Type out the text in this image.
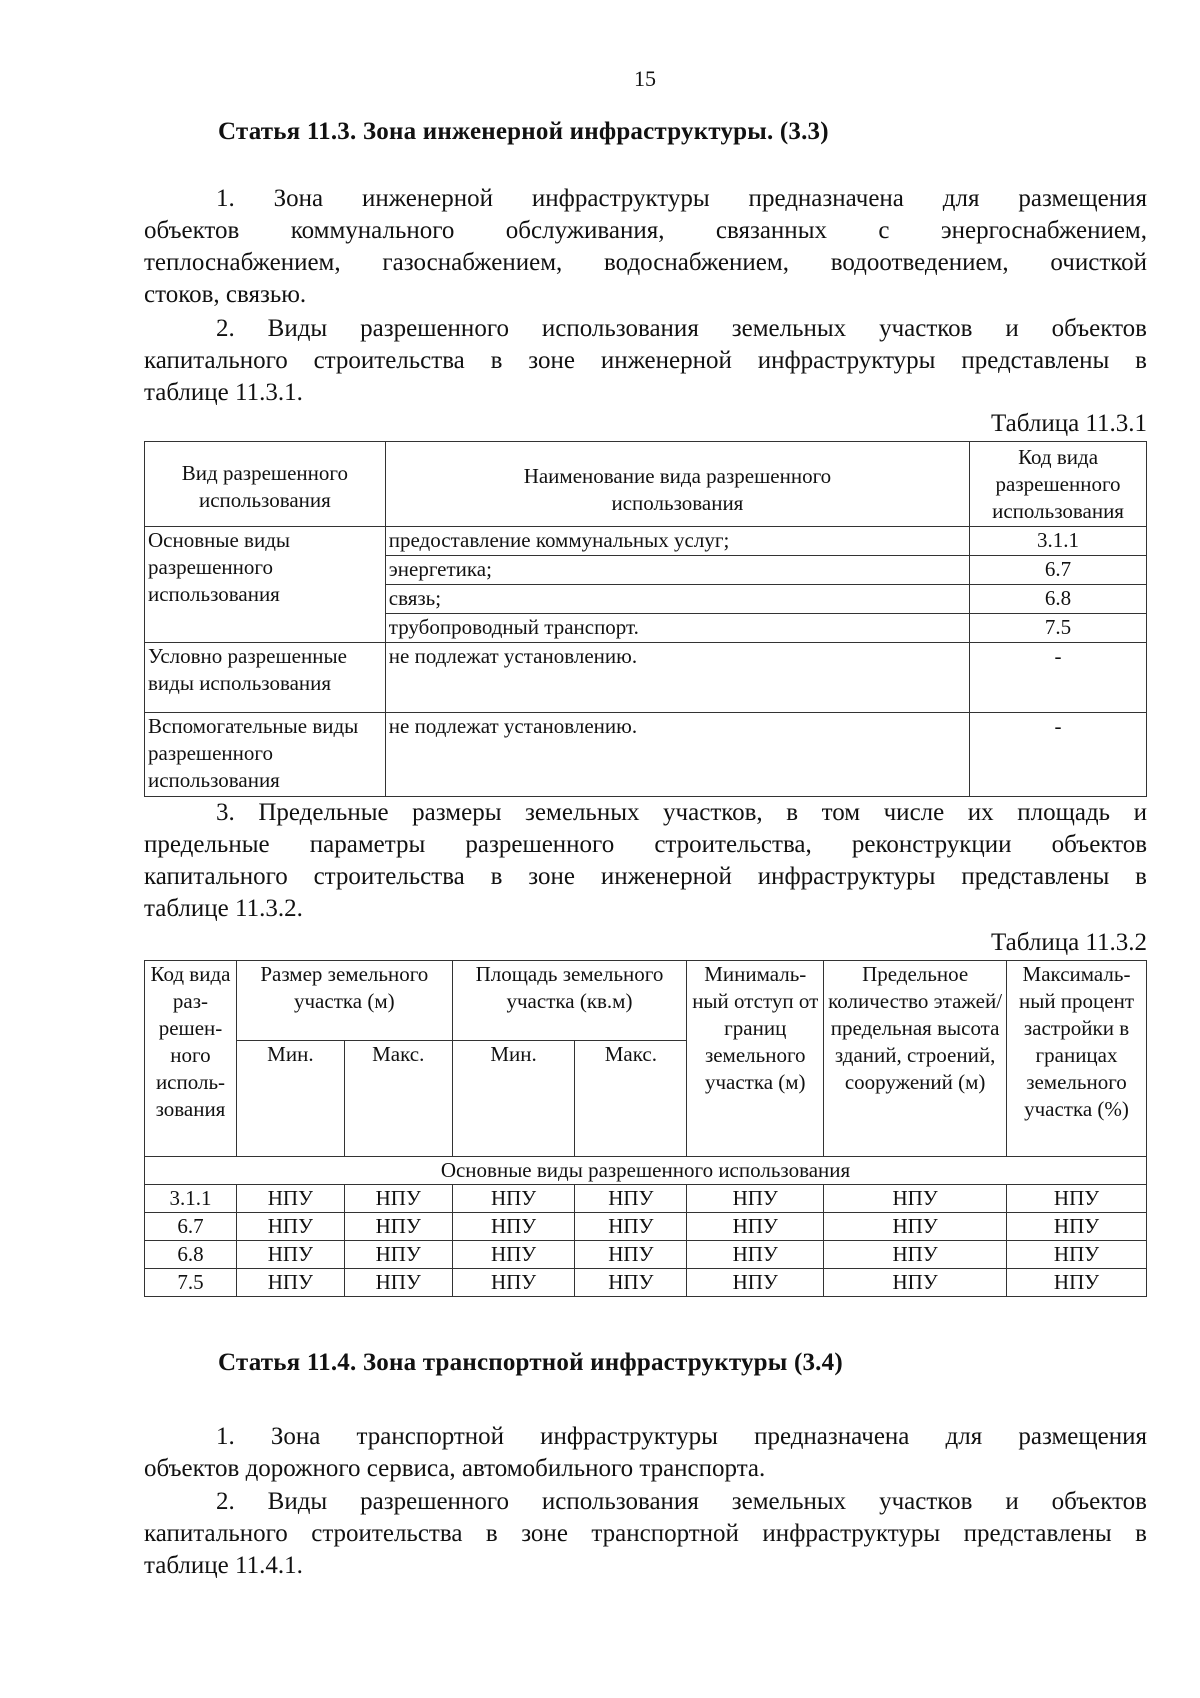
15
Статья 11.3. Зона инженерной инфраструктуры. (3.3)

1. Зона инженерной инфраструктуры предназначена для размещения
объектов коммунального обслуживания, связанных с энергоснабжением,
теплоснабжением, газоснабжением, водоснабжением, водоотведением, очисткой
стоков, связью.

2. Виды разрешенного использования земельных участков и объектов
капитального строительства в зоне инженерной инфраструктуры представлены в
таблице 11.3.1.

Таблица 11.3.1
Вид разрешенного использования	Наименование вида разрешенного использования	Код вида разрешенного использования
Основные виды разрешенного использования	предоставление коммунальных услуг;	3.1.1
	энергетика;	6.7
	связь;	6.8
	трубопроводный транспорт.	7.5
Условно разрешенные виды использования	не подлежат установлению.	-
Вспомогательные виды разрешенного использования	не подлежат установлению.	-

3. Предельные размеры земельных участков, в том числе их площадь и
предельные параметры разрешенного строительства, реконструкции объектов
капитального строительства в зоне инженерной инфраструктуры представлены в
таблице 11.3.2.

Таблица 11.3.2
Код вида раз- решен- ного исполь- зования	Размер земельного участка (м)		Площадь земельного участка (кв.м)		Минималь- ный отступ от границ земельного участка (м)	Предельное количество этажей/ предельная высота зданий, строений, сооружений (м)	Максималь- ный процент застройки в границах земельного участка (%)
	Мин.	Макс.	Мин.	Макс.			
Основные виды разрешенного использования							
3.1.1	НПУ	НПУ	НПУ	НПУ	НПУ	НПУ	НПУ
6.7	НПУ	НПУ	НПУ	НПУ	НПУ	НПУ	НПУ
6.8	НПУ	НПУ	НПУ	НПУ	НПУ	НПУ	НПУ
7.5	НПУ	НПУ	НПУ	НПУ	НПУ	НПУ	НПУ
Статья 11.4. Зона транспортной инфраструктуры (3.4)

1. Зона транспортной инфраструктуры предназначена для размещения
объектов дорожного сервиса, автомобильного транспорта.

2. Виды разрешенного использования земельных участков и объектов
капитального строительства в зоне транспортной инфраструктуры представлены в
таблице 11.4.1.
